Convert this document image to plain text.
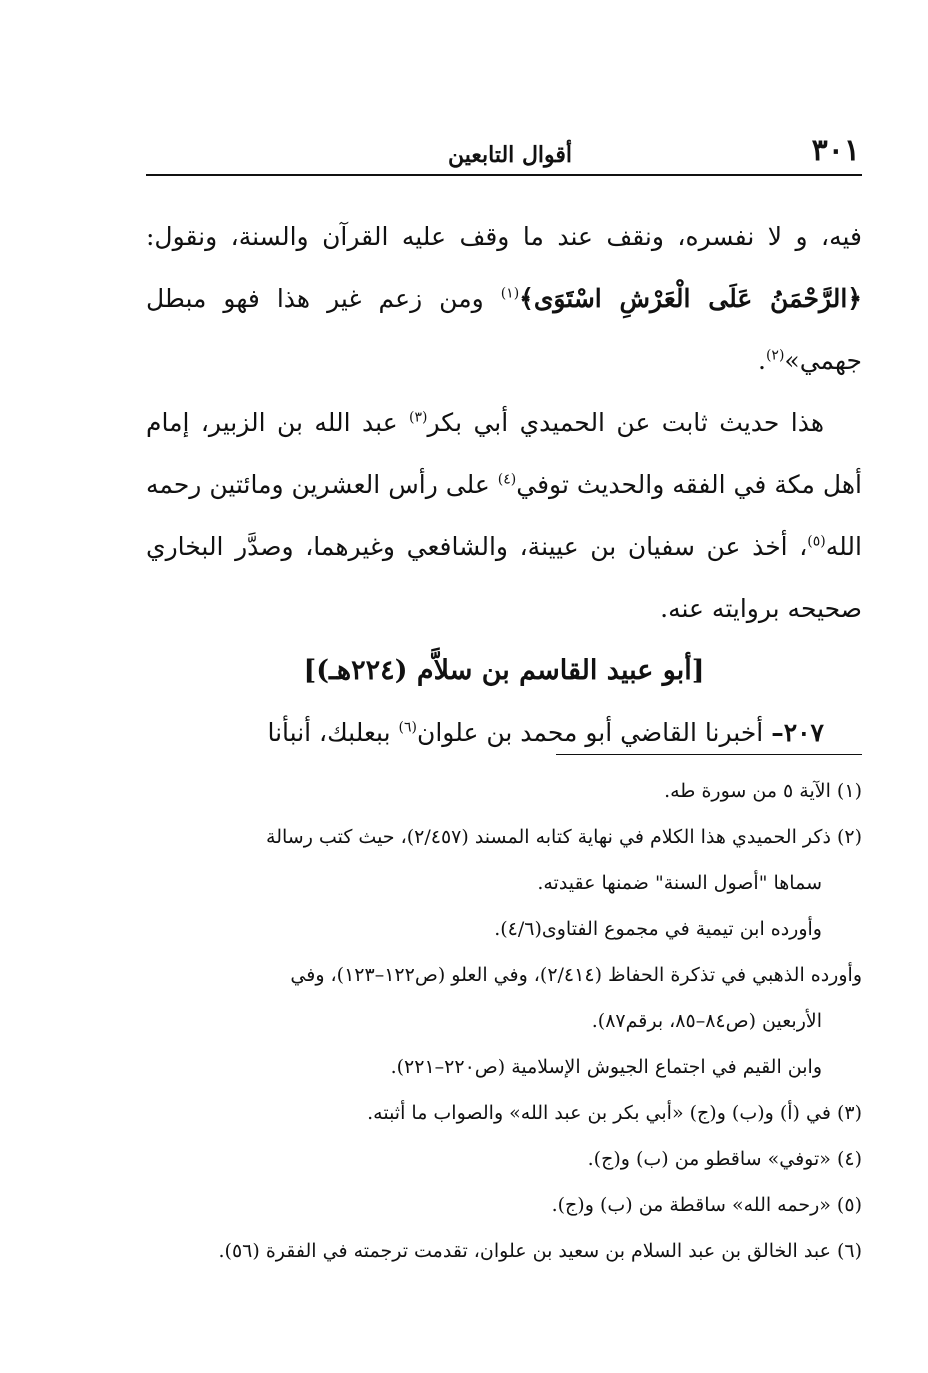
٣٠١
أقوال التابعين

فيه، و لا نفسره، ونقف عند ما وقف عليه القرآن والسنة، ونقول: ﴿الرَّحْمَنُ عَلَى الْعَرْشِ اسْتَوَى﴾$^{(١)}$ ومن زعم غير هذا فهو مبطل جهمي»$^{(٢)}$.

هذا حديث ثابت عن الحميدي أبي بكر$^{(٣)}$ عبد الله بن الزبير، إمام أهل مكة في الفقه والحديث توفي$^{(٤)}$ على رأس العشرين ومائتين رحمه الله$^{(٥)}$، أخذ عن سفيان بن عيينة، والشافعي وغيرهما، وصدَّر البخاري صحيحه بروايته عنه.

[أبو عبيد القاسم بن سلاَّم (٢٢٤هـ)]

٢٠٧– أخبرنا القاضي أبو محمد بن علوان$^{(٦)}$ ببعلبك، أنبأنا

(١) الآية ٥ من سورة طه.

(٢) ذكر الحميدي هذا الكلام في نهاية كتابه المسند (٢/٤٥٧)، حيث كتب رسالة

سماها "أصول السنة" ضمنها عقيدته.

وأورده ابن تيمية في مجموع الفتاوى(٤/٦).

وأورده الذهبي في تذكرة الحفاظ (٢/٤١٤)، وفي العلو (ص١٢٢–١٢٣)، وفي

الأربعين (ص٨٤–٨٥، برقم٨٧).

وابن القيم في اجتماع الجيوش الإسلامية (ص٢٢٠–٢٢١).

(٣) في (أ) و(ب) و(ج) «أبي بكر بن عبد الله» والصواب ما أثبته.

(٤) «توفي» ساقطو من (ب) و(ج).

(٥) «رحمه الله» ساقطة من (ب) و(ج).

(٦) عبد الخالق بن عبد السلام بن سعيد بن علوان، تقدمت ترجمته في الفقرة (٥٦).
